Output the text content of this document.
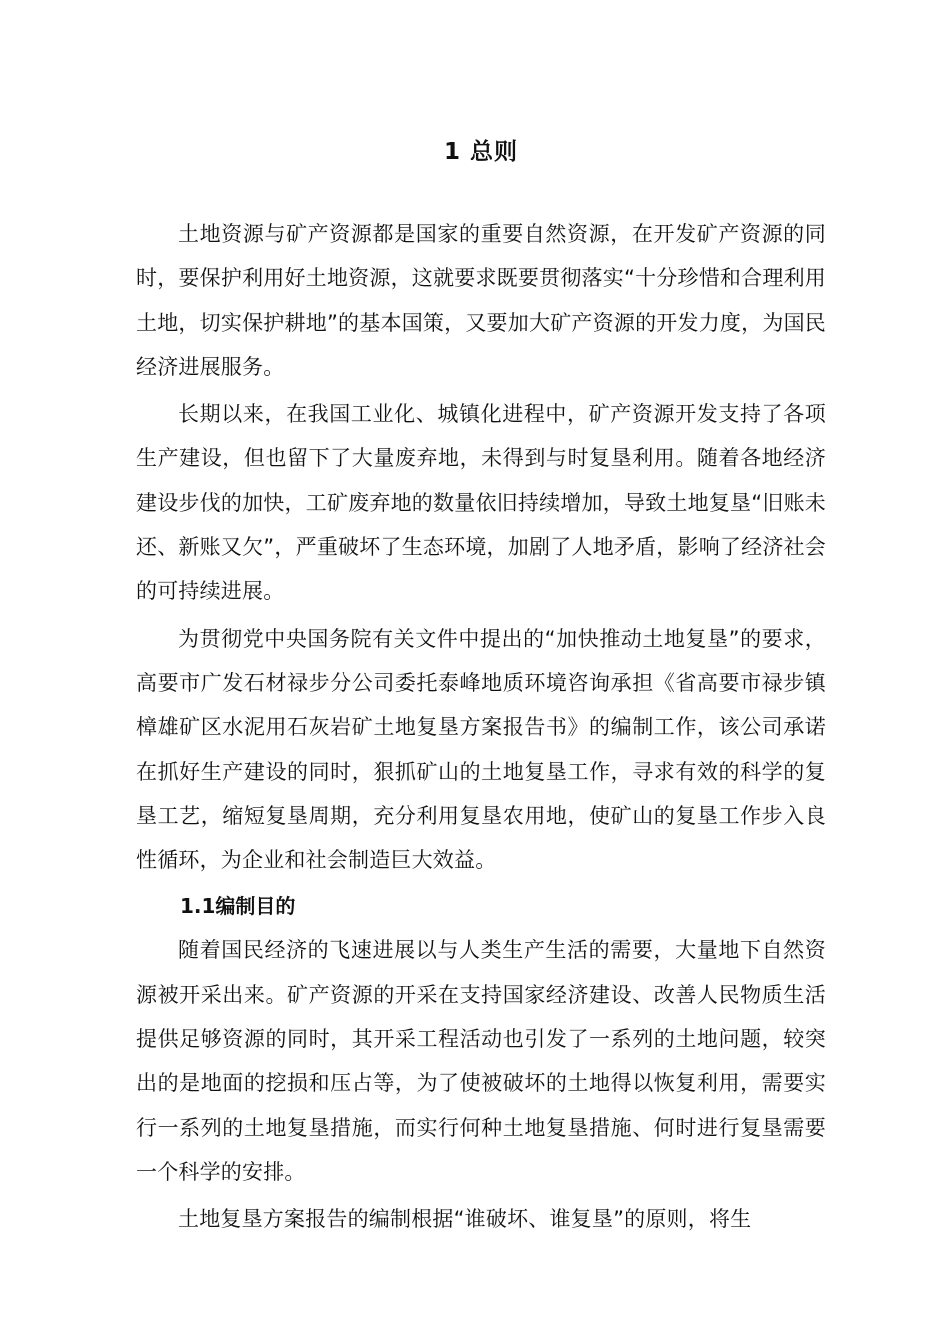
1 总则

土地资源与矿产资源都是国家的重要自然资源，在开发矿产资源的同时，要保护利用好土地资源，这就要求既要贯彻落实“十分珍惜和合理利用土地，切实保护耕地”的基本国策，又要加大矿产资源的开发力度，为国民经济进展服务。

长期以来，在我国工业化、城镇化进程中，矿产资源开发支持了各项生产建设，但也留下了大量废弃地，未得到与时复垦利用。随着各地经济建设步伐的加快，工矿废弃地的数量依旧持续增加，导致土地复垦“旧账未还、新账又欠”，严重破坏了生态环境，加剧了人地矛盾，影响了经济社会的可持续进展。

为贯彻党中央国务院有关文件中提出的“加快推动土地复垦”的要求，高要市广发石材禄步分公司委托泰峰地质环境咨询承担《省高要市禄步镇樟雄矿区水泥用石灰岩矿土地复垦方案报告书》的编制工作，该公司承诺在抓好生产建设的同时，狠抓矿山的土地复垦工作，寻求有效的科学的复垦工艺，缩短复垦周期，充分利用复垦农用地，使矿山的复垦工作步入良性循环，为企业和社会制造巨大效益。

1.1编制目的

随着国民经济的飞速进展以与人类生产生活的需要，大量地下自然资源被开采出来。矿产资源的开采在支持国家经济建设、改善人民物质生活提供足够资源的同时，其开采工程活动也引发了一系列的土地问题，较突出的是地面的挖损和压占等，为了使被破坏的土地得以恢复利用，需要实行一系列的土地复垦措施，而实行何种土地复垦措施、何时进行复垦需要一个科学的安排。

土地复垦方案报告的编制根据“谁破坏、谁复垦”的原则，将生
